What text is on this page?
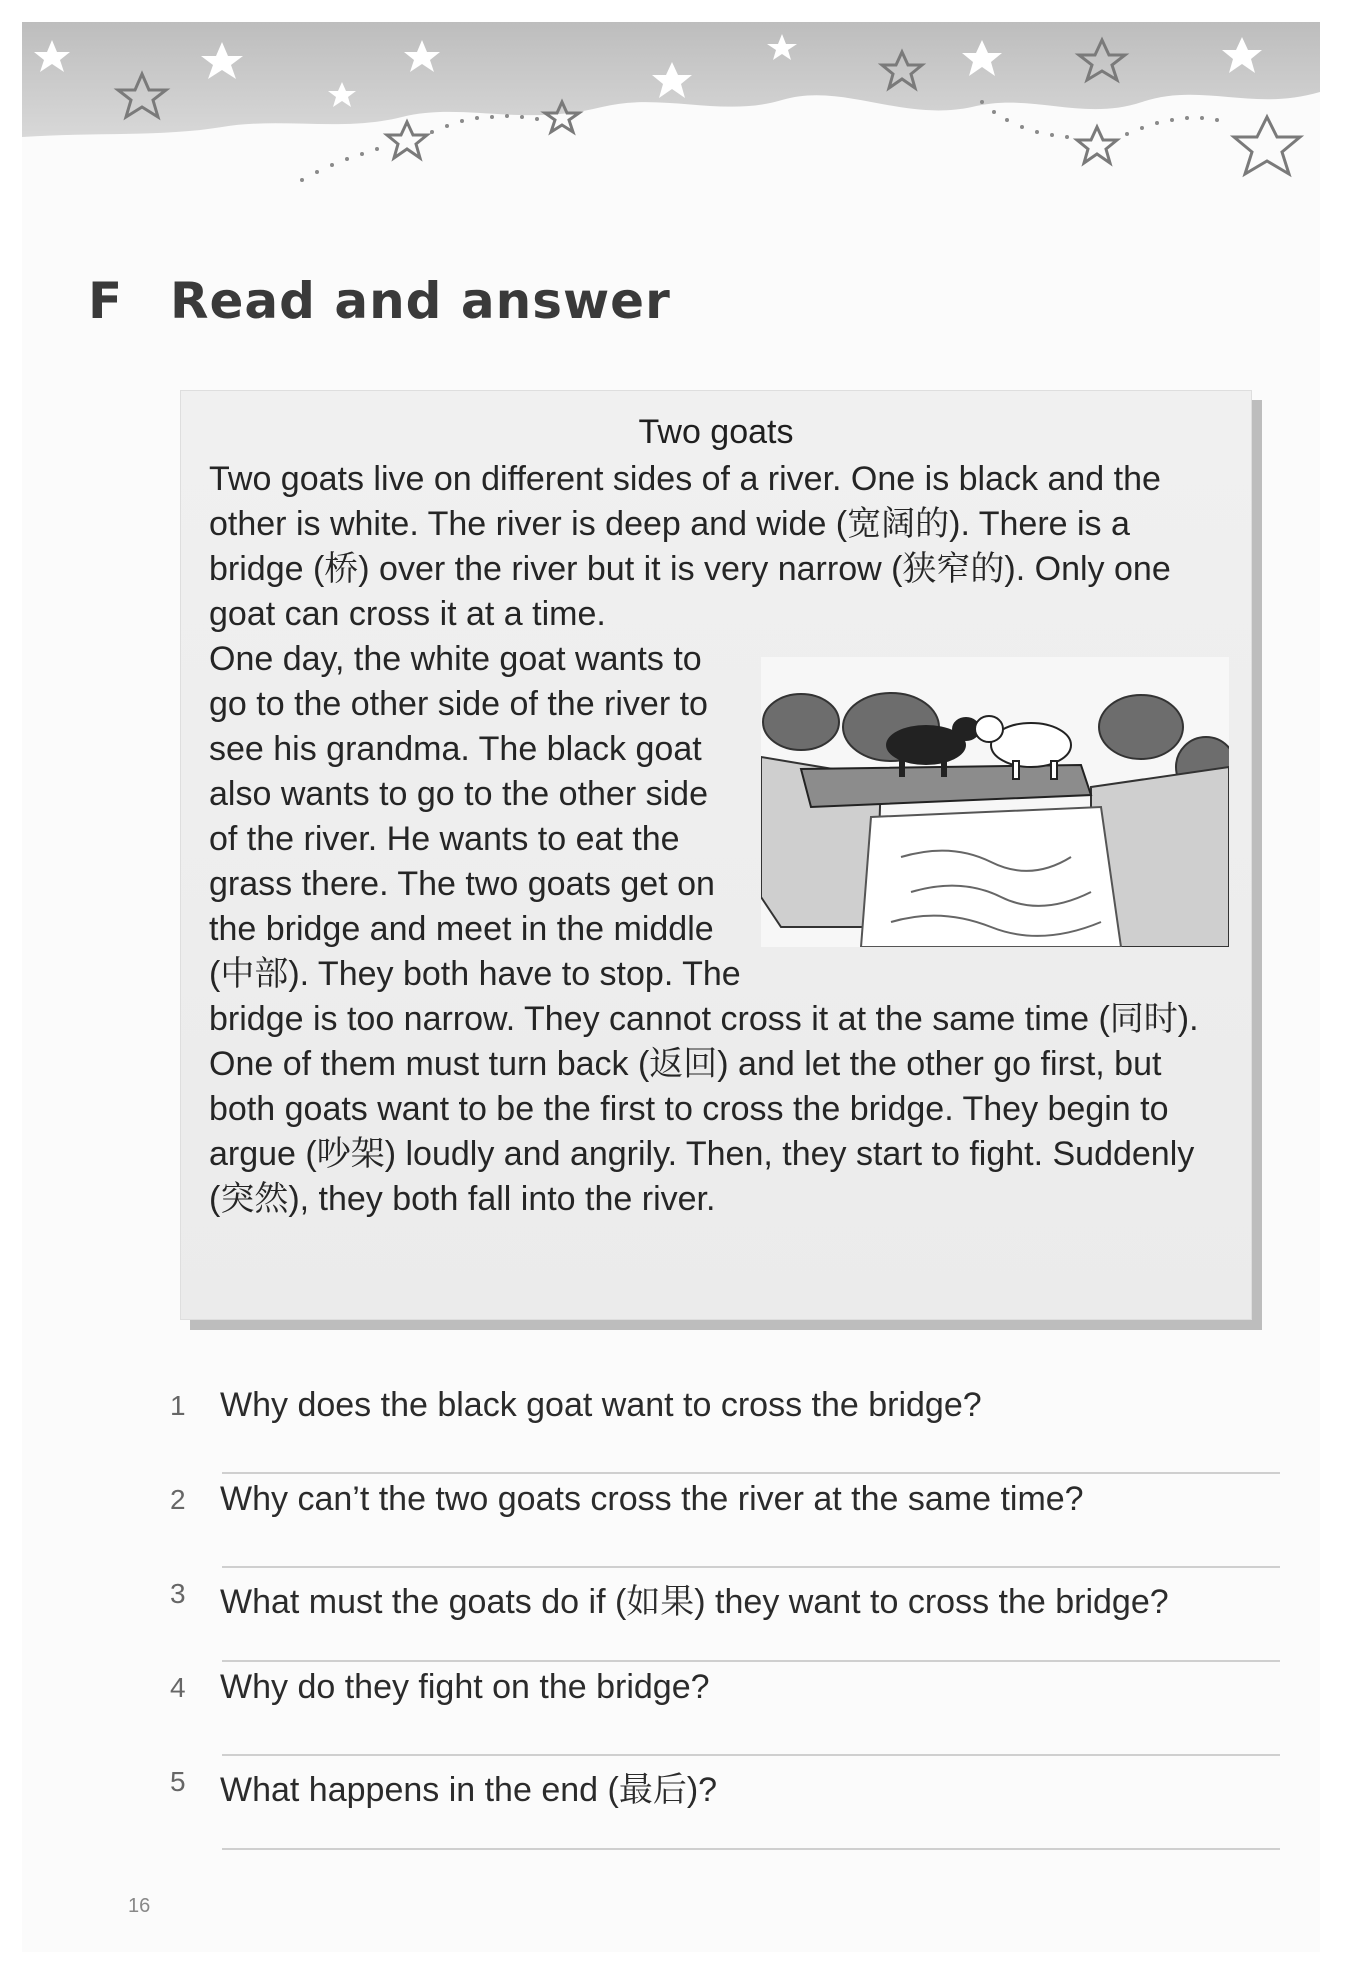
F Read and answer
Two goats

Two goats live on different sides of a river. One is black and the other is white. The river is deep and wide (宽阔的). There is a bridge (桥) over the river but it is very narrow (狭窄的). Only one goat can cross it at a time.

One day, the white goat wants to go to the other side of the river to see his grandma. The black goat also wants to go to the other side of the river. He wants to eat the grass there. The two goats get on the bridge and meet in the middle (中部). They both have to stop. The bridge is too narrow. They cannot cross it at the same time (同时). One of them must turn back (返回) and let the other go first, but both goats want to be the first to cross the bridge. They begin to argue (吵架) loudly and angrily. Then, they start to fight. Suddenly (突然), they both fall into the river.

1	Why does the black goat want to cross the bridge?
2	Why can’t the two goats cross the river at the same time?
3	What must the goats do if (如果) they want to cross the bridge?
4	Why do they fight on the bridge?
5	What happens in the end (最后)?
16
